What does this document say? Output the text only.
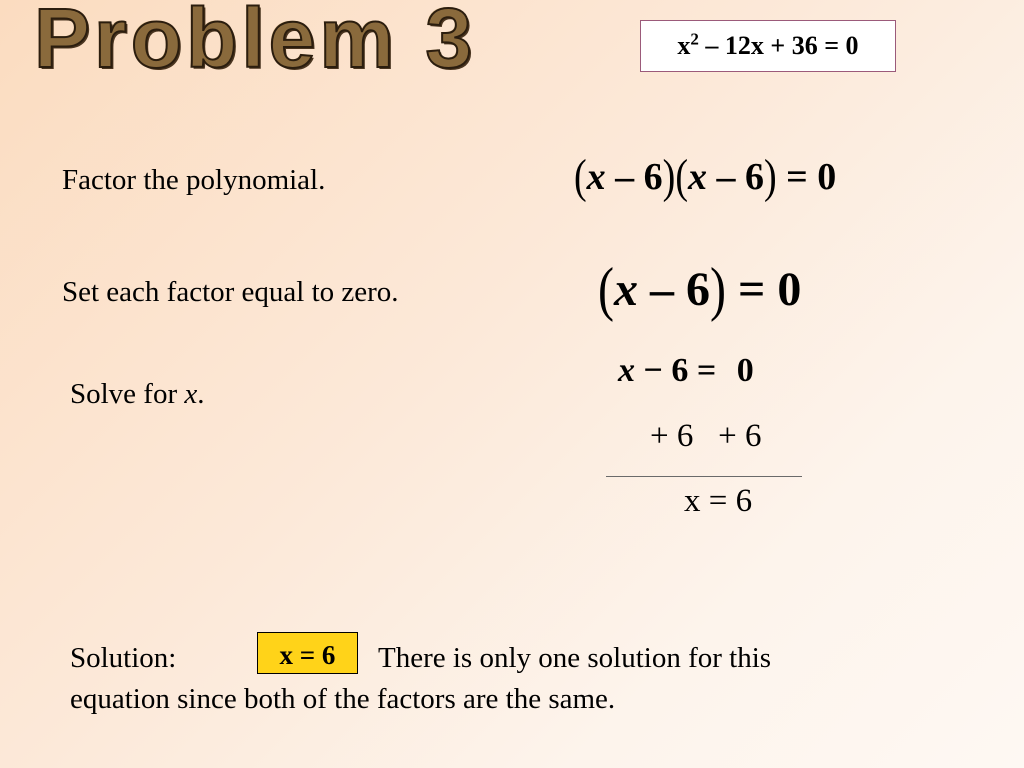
Problem 3	$x^2 - 12x + 36 = 0$
Factor the polynomial.
Set each factor equal to zero.
Solve for x.
(x – 6)(x – 6) = 0
(x – 6) = 0
x − 6 = 0
+ 6   + 6
x = 6
Solution:	x = 6	There is only one solution for this
equation since both of the factors are the same.
